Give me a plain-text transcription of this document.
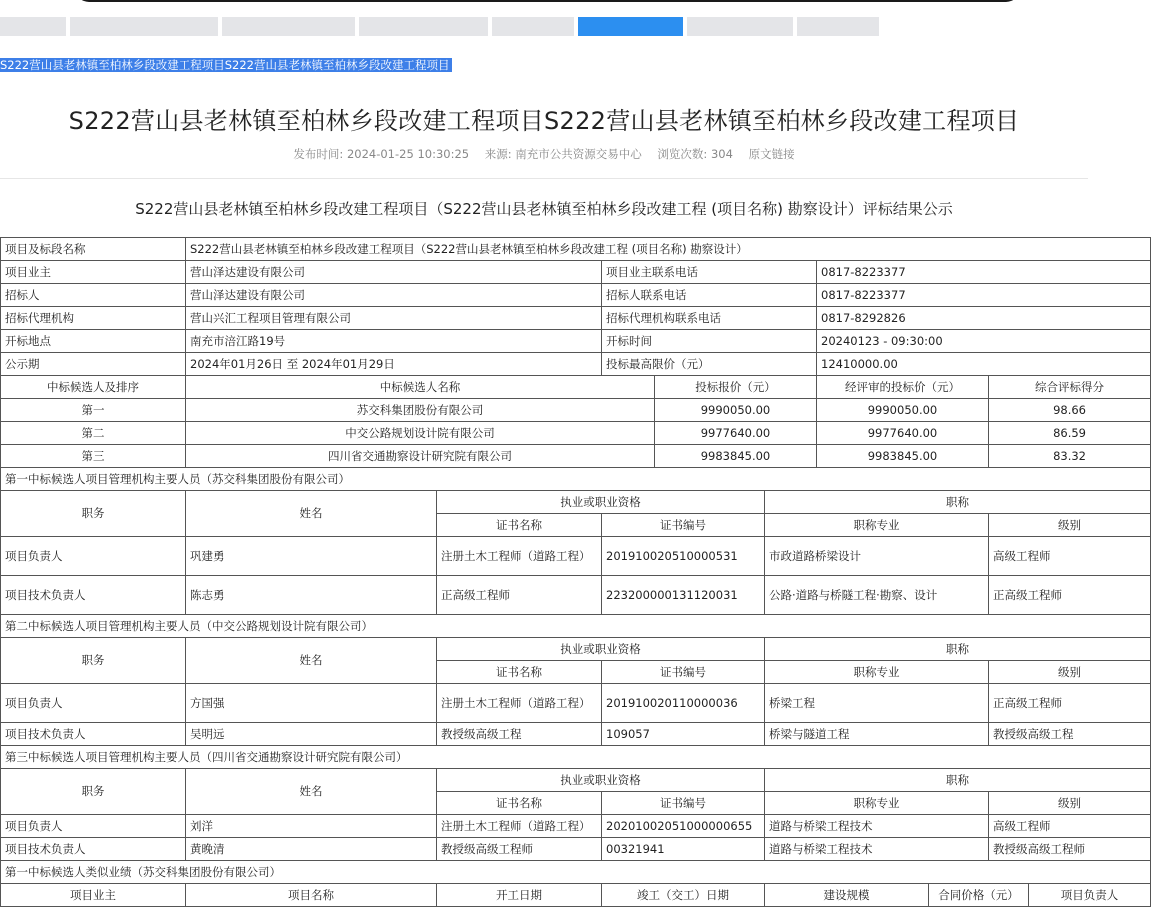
S222营山县老林镇至柏林乡段改建工程项目S222营山县老林镇至柏林乡段改建工程项目
S222营山县老林镇至柏林乡段改建工程项目S222营山县老林镇至柏林乡段改建工程项目
发布时间: 2024-01-25 10:30:25 来源: 南充市公共资源交易中心 浏览次数: 304 原文链接
S222营山县老林镇至柏林乡段改建工程项目（S222营山县老林镇至柏林乡段改建工程 (项目名称) 勘察设计）评标结果公示
项目及标段名称	S222营山县老林镇至柏林乡段改建工程项目（S222营山县老林镇至柏林乡段改建工程 (项目名称) 勘察设计）								
项目业主	营山泽达建设有限公司		项目业主联系电话			0817-8223377			
招标人	营山泽达建设有限公司		招标人联系电话			0817-8223377			
招标代理机构	营山兴汇工程项目管理有限公司		招标代理机构联系电话			0817-8292826			
开标地点	南充市涪江路19号		开标时间			20240123 - 09:30:00			
公示期	2024年01月26日 至 2024年01月29日		投标最高限价（元）			12410000.00			
中标候选人及排序	中标候选人名称			投标报价（元）		经评审的投标价（元）		综合评标得分	
第一	苏交科集团股份有限公司			9990050.00		9990050.00		98.66	
第二	中交公路规划设计院有限公司			9977640.00		9977640.00		86.59	
第三	四川省交通勘察设计研究院有限公司			9983845.00		9983845.00		83.32	
第一中标候选人项目管理机构主要人员（苏交科集团股份有限公司）									
职务	姓名	执业或职业资格			职称				
		证书名称	证书编号		职称专业			级别	
项目负责人	巩建勇	注册土木工程师（道路工程）	201910020510000531		市政道路桥梁设计			高级工程师	
项目技术负责人	陈志勇	正高级工程师	223200000131120031		公路·道路与桥隧工程·勘察、设计			正高级工程师	
第二中标候选人项目管理机构主要人员（中交公路规划设计院有限公司）									
职务	姓名	执业或职业资格			职称				
		证书名称	证书编号		职称专业			级别	
项目负责人	方国强	注册土木工程师（道路工程）	201910020110000036		桥梁工程			正高级工程师	
项目技术负责人	吴明远	教授级高级工程	109057		桥梁与隧道工程			教授级高级工程	
第三中标候选人项目管理机构主要人员（四川省交通勘察设计研究院有限公司）									
职务	姓名	执业或职业资格			职称				
		证书名称	证书编号		职称专业			级别	
项目负责人	刘洋	注册土木工程师（道路工程）	20201002051000000655		道路与桥梁工程技术			高级工程师	
项目技术负责人	黄晚清	教授级高级工程师	00321941		道路与桥梁工程技术			教授级高级工程师	
第一中标候选人类似业绩（苏交科集团股份有限公司）									
项目业主	项目名称	开工日期	竣工（交工）日期		建设规模		合同价格（元）		项目负责人
